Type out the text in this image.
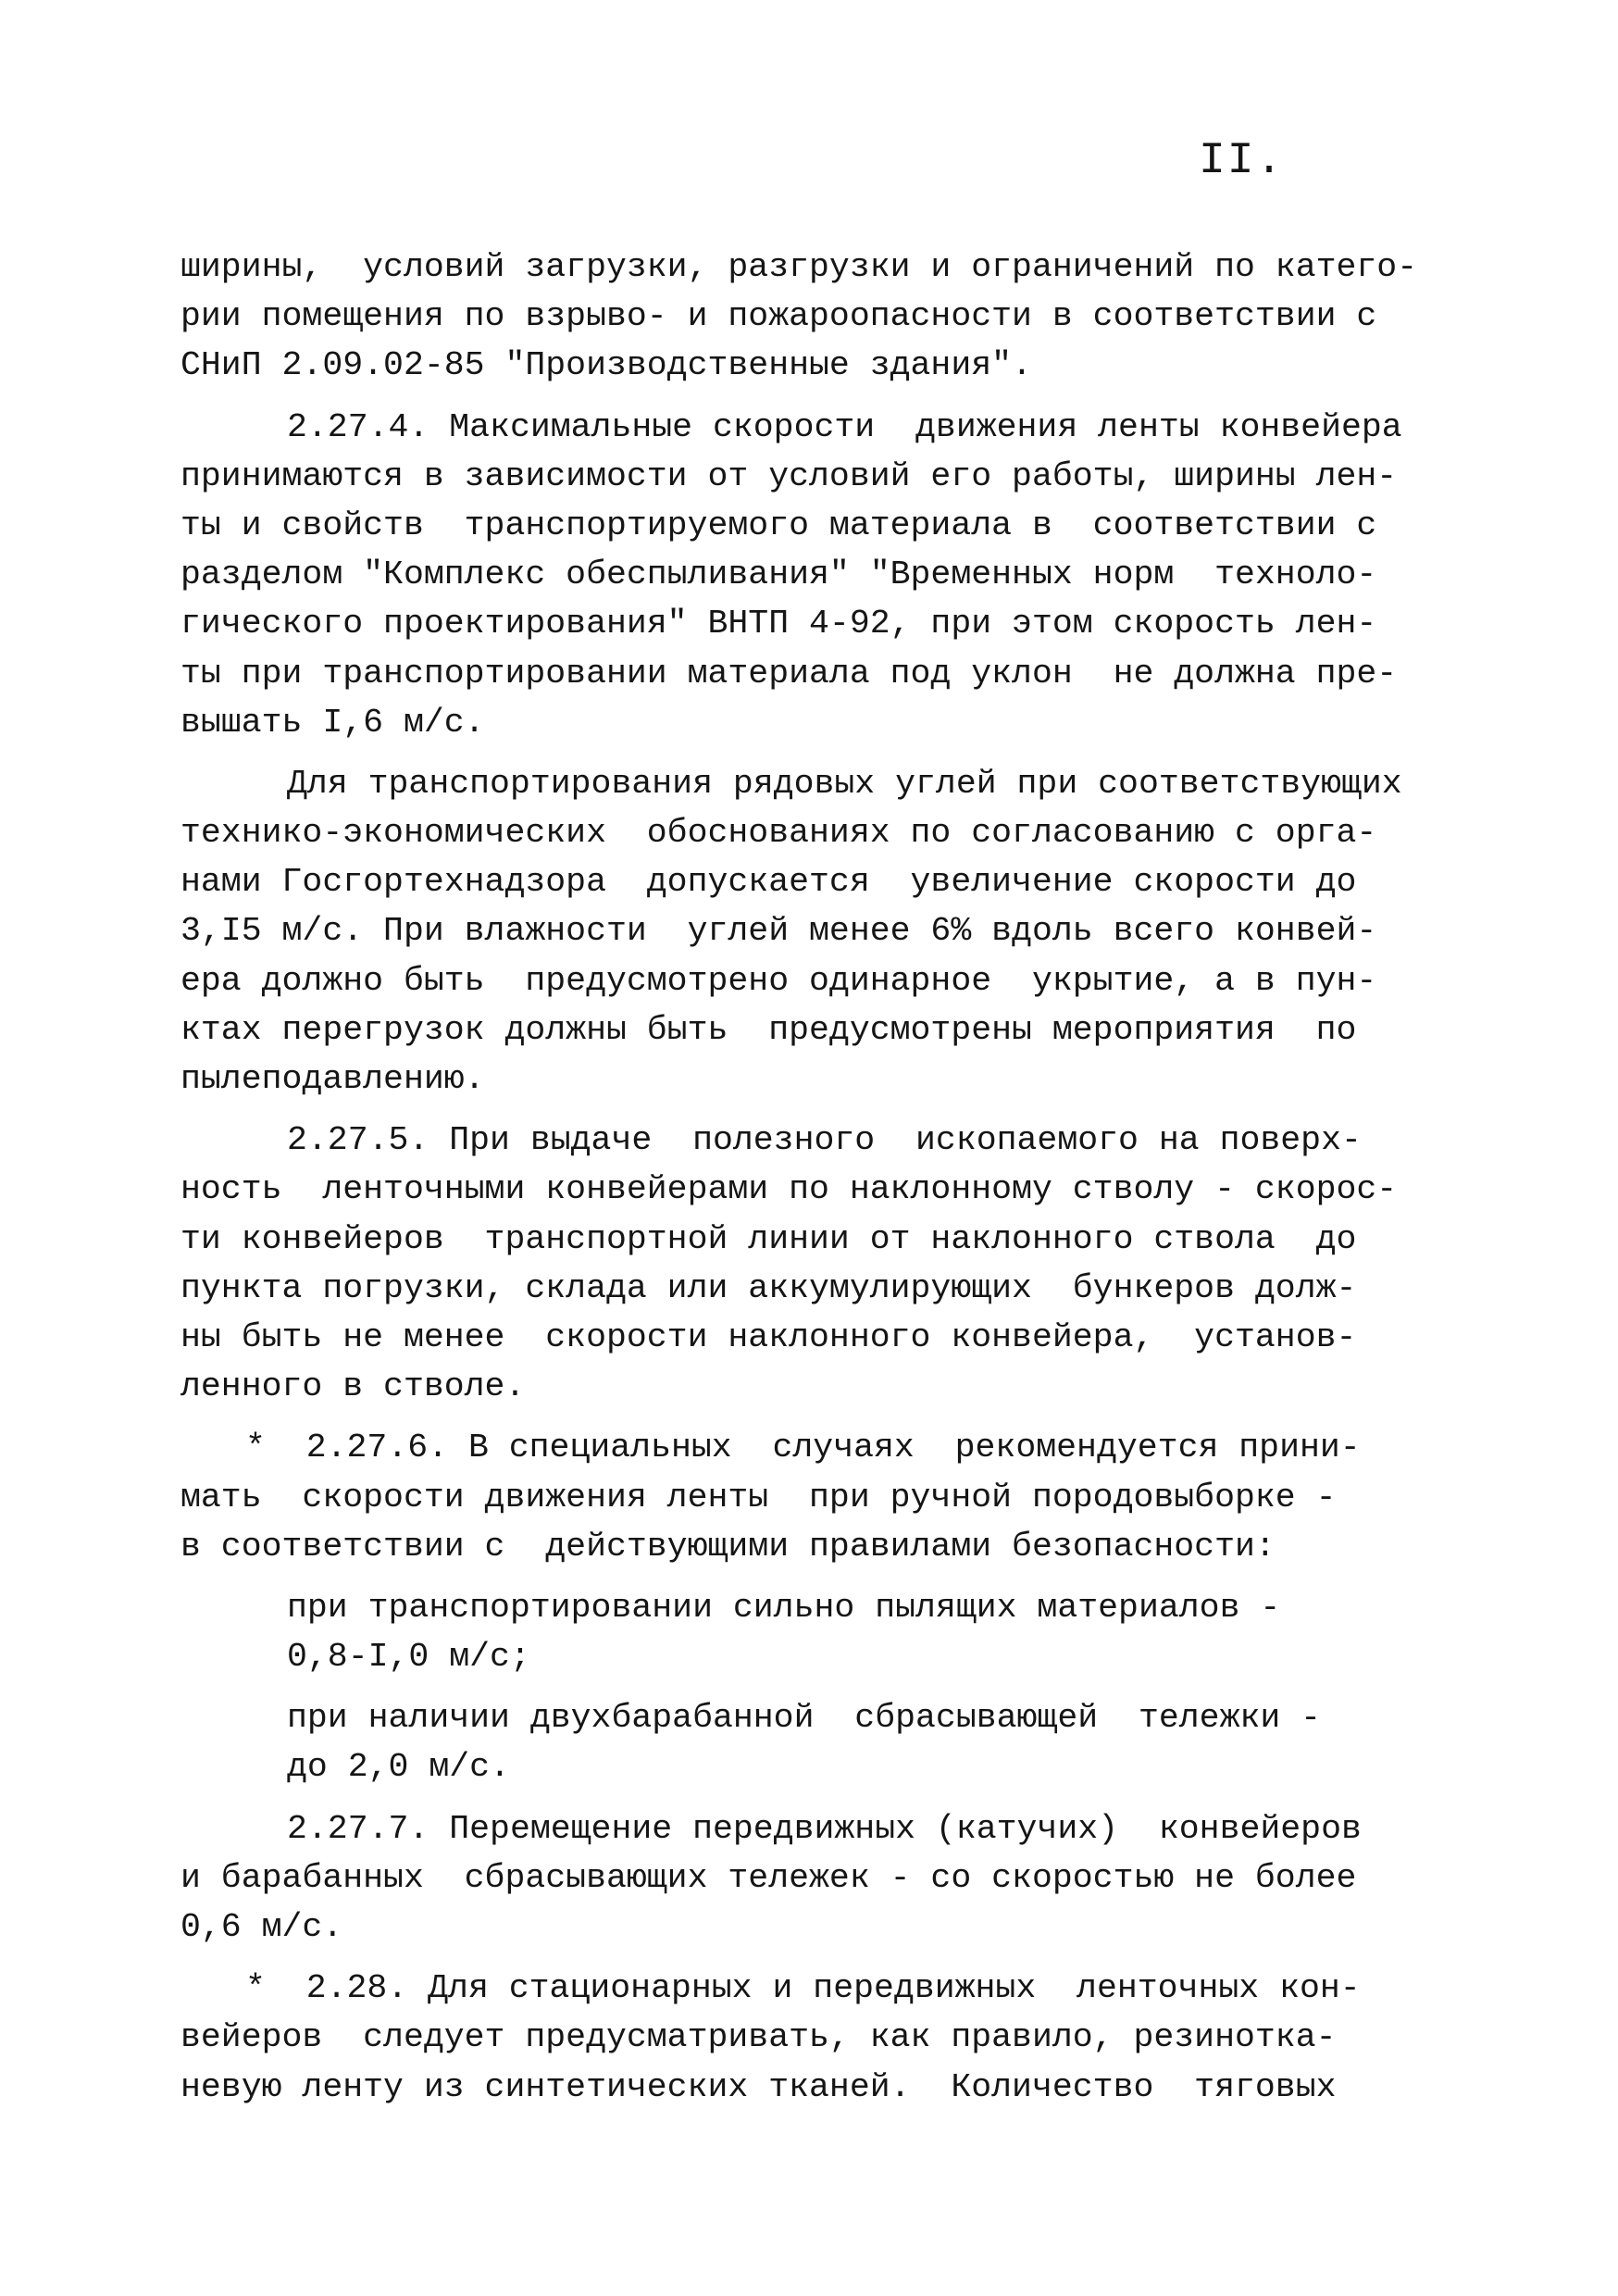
II.
ширины,  условий загрузки, разгрузки и ограничений по катего-
рии помещения по взрыво- и пожароопасности в соответствии с
СНиП 2.09.02-85 "Производственные здания".
2.27.4. Максимальные скорости  движения ленты конвейера
принимаются в зависимости от условий его работы, ширины лен-
ты и свойств  транспортируемого материала в  соответствии с
разделом "Комплекс обеспыливания" "Временных норм  техноло-
гического проектирования" ВНТП 4-92, при этом скорость лен-
ты при транспортировании материала под уклон  не должна пре-
вышать I,6 м/с.
Для транспортирования рядовых углей при соответствующих
технико-экономических  обоснованиях по согласованию с орга-
нами Госгортехнадзора  допускается  увеличение скорости до
3,I5 м/с. При влажности  углей менее 6% вдоль всего конвей-
ера должно быть  предусмотрено одинарное  укрытие, а в пун-
ктах перегрузок должны быть  предусмотрены мероприятия  по
пылеподавлению.
2.27.5. При выдаче  полезного  ископаемого на поверх-
ность  ленточными конвейерами по наклонному стволу - скорос-
ти конвейеров  транспортной линии от наклонного ствола  до
пункта погрузки, склада или аккумулирующих  бункеров долж-
ны быть не менее  скорости наклонного конвейера,  установ-
ленного в стволе.
*  2.27.6. В специальных  случаях  рекомендуется прини-
мать  скорости движения ленты  при ручной породовыборке -
в соответствии с  действующими правилами безопасности:
при транспортировании сильно пылящих материалов -
0,8-I,0 м/с;
при наличии двухбарабанной  сбрасывающей  тележки -
до 2,0 м/с.
2.27.7. Перемещение передвижных (катучих)  конвейеров
и барабанных  сбрасывающих тележек - со скоростью не более
0,6 м/с.
*  2.28. Для стационарных и передвижных  ленточных кон-
вейеров  следует предусматривать, как правило, резинотка-
невую ленту из синтетических тканей.  Количество  тяговых
